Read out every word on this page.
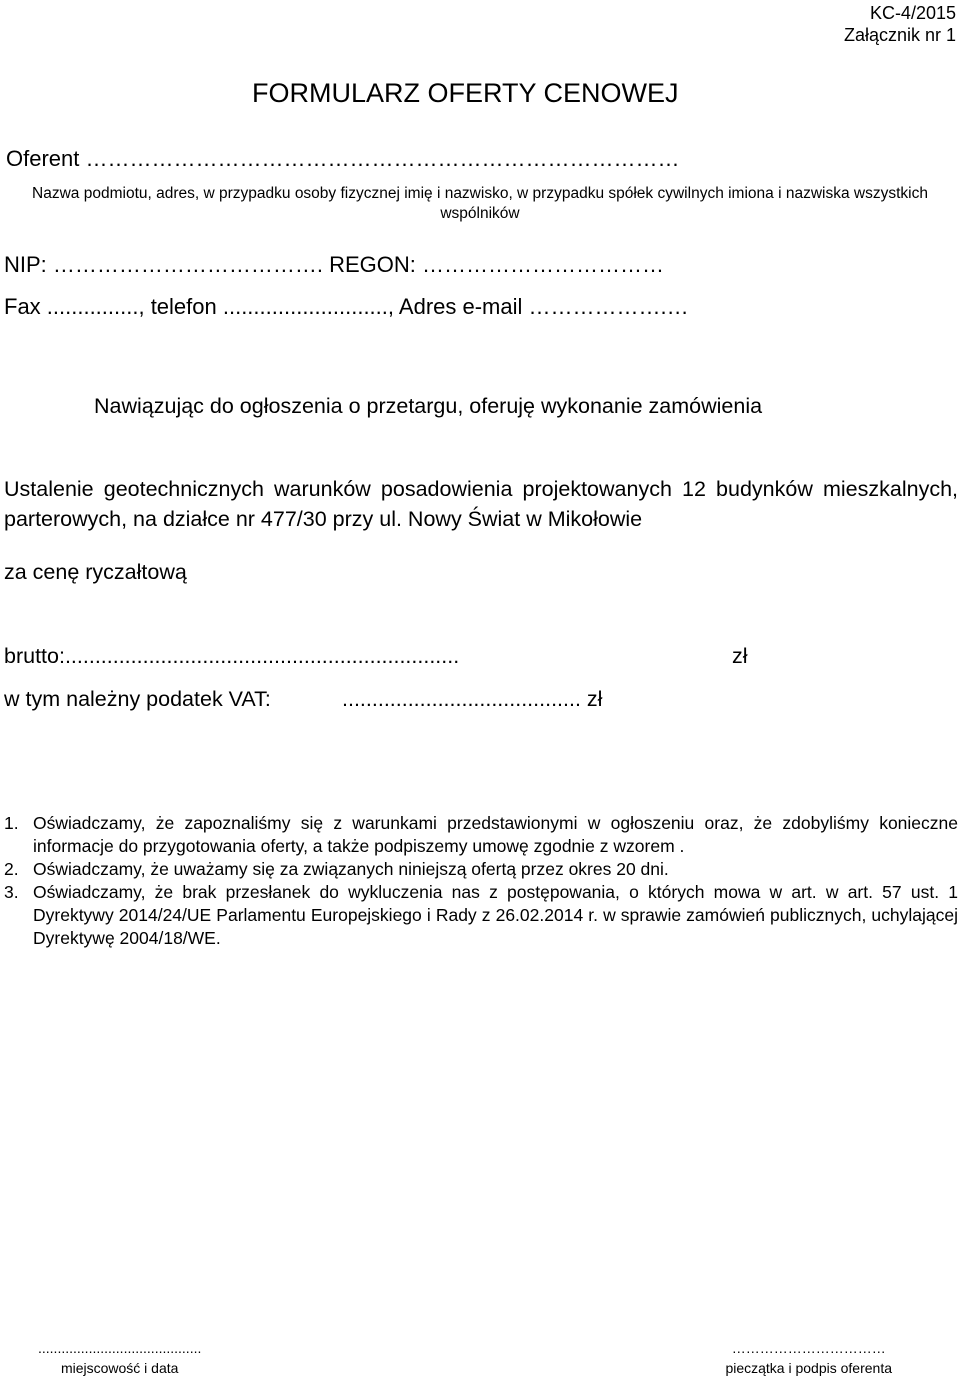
KC-4/2015
Załącznik nr 1
FORMULARZ OFERTY CENOWEJ
Oferent ………………………………………………………………………
Nazwa podmiotu, adres, w przypadku osoby fizycznej imię i nazwisko, w przypadku spółek cywilnych imiona i nazwiska wszystkich wspólników
NIP: ………………………………. REGON: ……………………………
Fax ..............., telefon ..........................., Adres e-mail ……………….…
Nawiązując do ogłoszenia o przetargu, oferuję wykonanie zamówienia
Ustalenie geotechnicznych warunków posadowienia projektowanych 12 budynków mieszkalnych, parterowych, na działce nr 477/30 przy ul. Nowy Świat w Mikołowie
za cenę ryczałtową
brutto:..................................................................	zł
w tym należny podatek VAT:	........................................ zł
1. Oświadczamy, że zapoznaliśmy się z warunkami przedstawionymi w ogłoszeniu oraz, że zdobyliśmy konieczne informacje do przygotowania oferty, a także podpiszemy umowę zgodnie z wzorem .
2. Oświadczamy, że uważamy się za związanych niniejszą ofertą przez okres 20 dni.
3. Oświadczamy, że brak przesłanek do wykluczenia nas z postępowania, o których mowa w art. w art. 57 ust. 1 Dyrektywy 2014/24/UE Parlamentu Europejskiego i Rady z 26.02.2014 r. w sprawie zamówień publicznych, uchylającej Dyrektywę 2004/18/WE.
..........................................
miejscowość i data
……………………………
pieczątka i podpis oferenta
